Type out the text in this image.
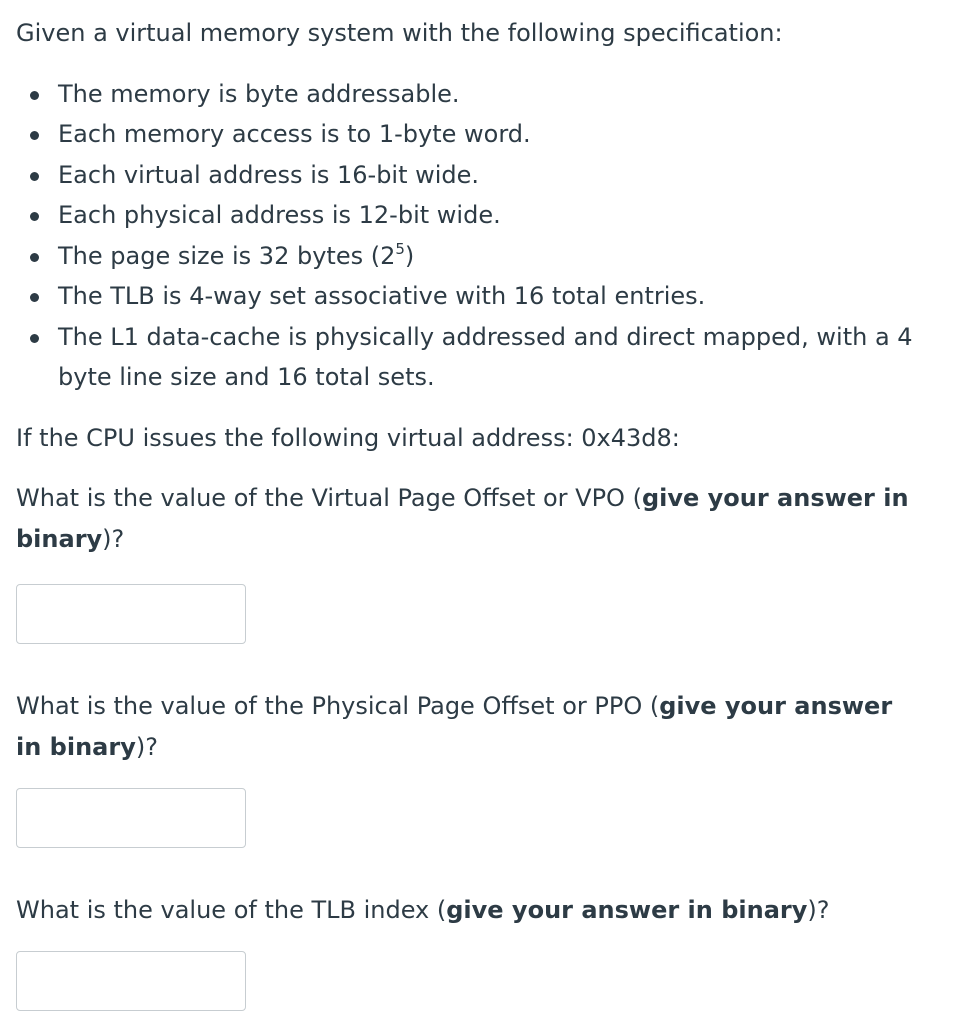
Given a virtual memory system with the following specification:

The memory is byte addressable.
Each memory access is to 1-byte word.
Each virtual address is 16-bit wide.
Each physical address is 12-bit wide.
The page size is 32 bytes $(2^5)$
The TLB is 4-way set associative with 16 total entries.
The L1 data-cache is physically addressed and direct mapped, with a 4 byte line size and 16 total sets.

If the CPU issues the following virtual address: 0x43d8:

What is the value of the Virtual Page Offset or VPO (give your answer in binary)?

What is the value of the Physical Page Offset or PPO (give your answer in binary)?

What is the value of the TLB index (give your answer in binary)?
